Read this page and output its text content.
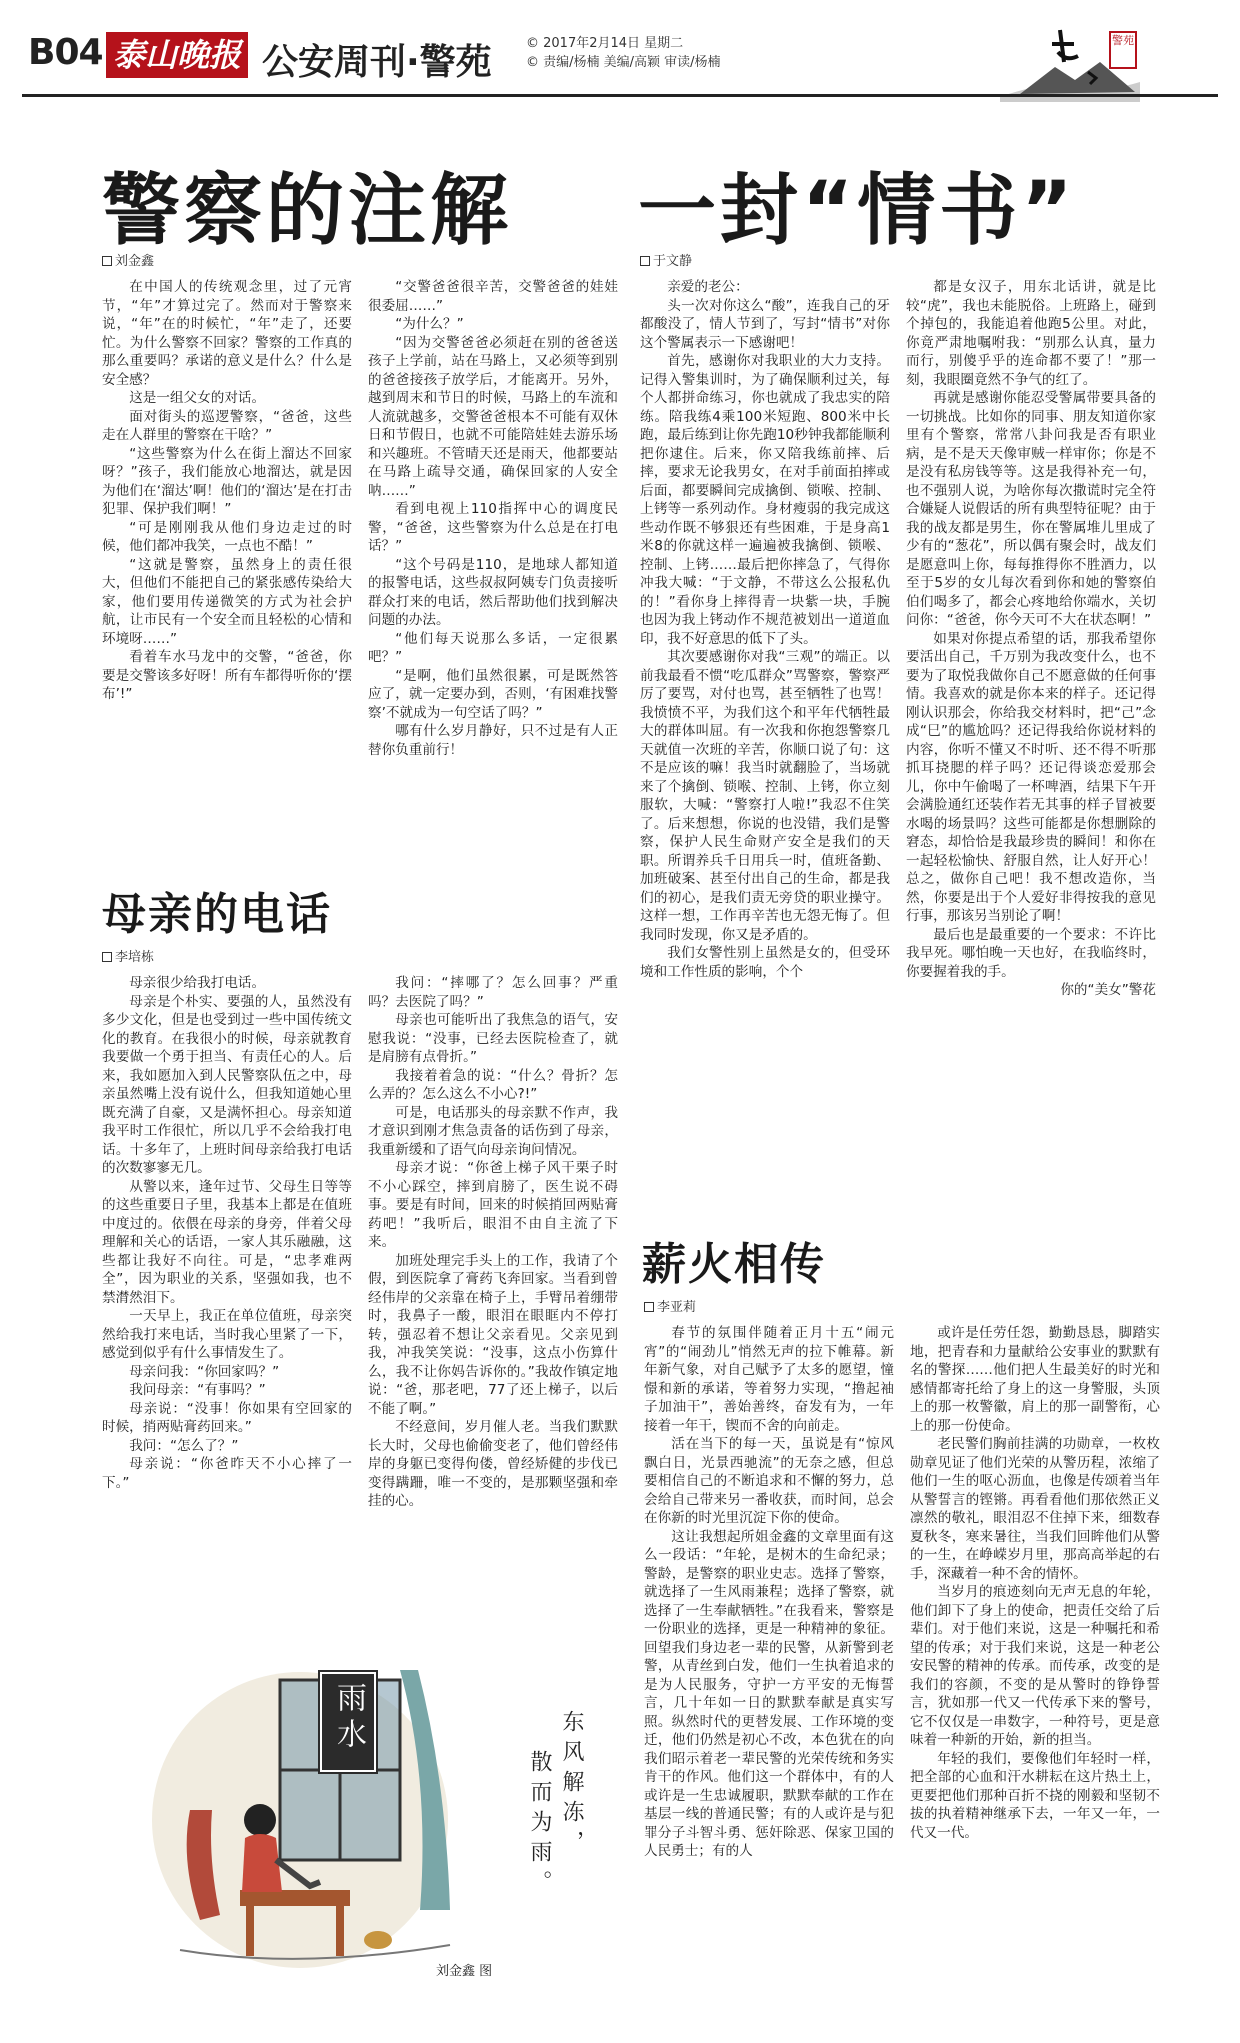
B04 泰山晚报 公安周刊·警苑	© 2017年2月14日 星期二
© 责编/杨楠 美编/高颖 审读/杨楠
警苑
警察的注解
刘金鑫

在中国人的传统观念里，过了元宵节，“年”才算过完了。然而对于警察来说，“年”在的时候忙，“年”走了，还要忙。为什么警察不回家？警察的工作真的那么重要吗？承诺的意义是什么？什么是安全感？

这是一组父女的对话。

面对街头的巡逻警察，“爸爸，这些走在人群里的警察在干啥？”

“这些警察为什么在街上溜达不回家呀？”孩子，我们能放心地溜达，就是因为他们在‘溜达’啊！他们的‘溜达’是在打击犯罪、保护我们啊！”

“可是刚刚我从他们身边走过的时候，他们都冲我笑，一点也不酷！”

“这就是警察，虽然身上的责任很大，但他们不能把自己的紧张感传染给大家，他们要用传递微笑的方式为社会护航，让市民有一个安全而且轻松的心情和环境呀……”

看着车水马龙中的交警，“爸爸，你要是交警该多好呀！所有车都得听你的‘摆布’!”

“交警爸爸很辛苦，交警爸爸的娃娃很委屈……”

“为什么？”

“因为交警爸爸必须赶在别的爸爸送孩子上学前，站在马路上，又必须等到别的爸爸接孩子放学后，才能离开。另外，越到周末和节日的时候，马路上的车流和人流就越多，交警爸爸根本不可能有双休日和节假日，也就不可能陪娃娃去游乐场和兴趣班。不管晴天还是雨天，他都要站在马路上疏导交通，确保回家的人安全呐……”

看到电视上110指挥中心的调度民警，“爸爸，这些警察为什么总是在打电话？”

“这个号码是110，是地球人都知道的报警电话，这些叔叔阿姨专门负责接听群众打来的电话，然后帮助他们找到解决问题的办法。

“他们每天说那么多话，一定很累吧？”

“是啊，他们虽然很累，可是既然答应了，就一定要办到，否则，‘有困难找警察’不就成为一句空话了吗？”

哪有什么岁月静好，只不过是有人正替你负重前行！

一封“情书”
于文静

亲爱的老公：

头一次对你这么“酸”，连我自己的牙都酸没了，情人节到了，写封“情书”对你这个警属表示一下感谢吧！

首先，感谢你对我职业的大力支持。记得入警集训时，为了确保顺利过关，每个人都拼命练习，你也就成了我忠实的陪练。陪我练4乘100米短跑、800米中长跑，最后练到让你先跑10秒钟我都能顺利把你逮住。后来，你又陪我练前摔、后摔，要求无论我男女，在对手前面拍摔或后面，都要瞬间完成擒倒、锁喉、控制、上铐等一系列动作。身材瘦弱的我完成这些动作既不够狠还有些困难，于是身高1米8的你就这样一遍遍被我擒倒、锁喉、控制、上铐……最后把你摔急了，气得你冲我大喊：“于文静，不带这么公报私仇的！”看你身上摔得青一块紫一块，手腕也因为我上铐动作不规范被划出一道道血印，我不好意思的低下了头。

其次要感谢你对我“三观”的端正。以前我最看不惯“吃瓜群众”骂警察，警察严厉了要骂，对付也骂，甚至牺牲了也骂！我愤愤不平，为我们这个和平年代牺牲最大的群体叫屈。有一次我和你抱怨警察几天就值一次班的辛苦，你顺口说了句：这不是应该的嘛！我当时就翻脸了，当场就来了个擒倒、锁喉、控制、上铐，你立刻服软，大喊：“警察打人啦!”我忍不住笑了。后来想想，你说的也没错，我们是警察，保护人民生命财产安全是我们的天职。所谓养兵千日用兵一时，值班备勤、加班破案、甚至付出自己的生命，都是我们的初心，是我们责无旁贷的职业操守。这样一想，工作再辛苦也无怨无悔了。但我同时发现，你又是矛盾的。

我们女警性别上虽然是女的，但受环境和工作性质的影响，个个

都是女汉子，用东北话讲，就是比较“虎”，我也未能脱俗。上班路上，碰到个掉包的，我能追着他跑5公里。对此，你竟严肃地嘱咐我：“别那么认真，量力而行，别傻乎乎的连命都不要了！”那一刻，我眼圈竟然不争气的红了。

再就是感谢你能忍受警属带要具备的一切挑战。比如你的同事、朋友知道你家里有个警察，常常八卦问我是否有职业病，是不是天天像审贼一样审你；你是不是没有私房钱等等。这是我得补充一句，也不强别人说，为啥你每次撒谎时完全符合嫌疑人说假话的所有典型特征呢？由于我的战友都是男生，你在警属堆儿里成了少有的“葱花”，所以偶有聚会时，战友们是愿意叫上你，每每推得你不胜酒力，以至于5岁的女儿每次看到你和她的警察伯伯们喝多了，都会心疼地给你端水，关切问你：“爸爸，你今天可不大在状态啊！”

如果对你提点希望的话，那我希望你要活出自己，千万别为我改变什么，也不要为了取悦我做你自己不愿意做的任何事情。我喜欢的就是你本来的样子。还记得刚认识那会，你给我交材料时，把“己”念成“巳”的尴尬吗？还记得我给你说材料的内容，你听不懂又不时听、还不得不听那抓耳挠腮的样子吗？还记得谈恋爱那会儿，你中午偷喝了一杯啤酒，结果下午开会满脸通红还装作若无其事的样子冒被要水喝的场景吗？这些可能都是你想删除的窘态，却恰恰是我最珍贵的瞬间！和你在一起轻松愉快、舒服自然，让人好开心！总之，做你自己吧！我不想改造你，当然，你要是出于个人爱好非得按我的意见行事，那该另当别论了啊！

最后也是最重要的一个要求：不许比我早死。哪怕晚一天也好，在我临终时，你要握着我的手。

你的“美女”警花

母亲的电话
李培栋

母亲很少给我打电话。

母亲是个朴实、要强的人，虽然没有多少文化，但是也受到过一些中国传统文化的教育。在我很小的时候，母亲就教育我要做一个勇于担当、有责任心的人。后来，我如愿加入到人民警察队伍之中，母亲虽然嘴上没有说什么，但我知道她心里既充满了自豪，又是满怀担心。母亲知道我平时工作很忙，所以几乎不会给我打电话。十多年了，上班时间母亲给我打电话的次数寥寥无几。

从警以来，逢年过节、父母生日等等的这些重要日子里，我基本上都是在值班中度过的。依偎在母亲的身旁，伴着父母理解和关心的话语，一家人其乐融融，这些都让我好不向往。可是，“忠孝难两全”，因为职业的关系，坚强如我，也不禁潸然泪下。

一天早上，我正在单位值班，母亲突然给我打来电话，当时我心里紧了一下，感觉到似乎有什么事情发生了。

母亲问我：“你回家吗？”

我问母亲：“有事吗？”

母亲说：“没事！你如果有空回家的时候，捎两贴膏药回来。”

我问：“怎么了？”

母亲说：“你爸昨天不小心摔了一下。”

我问：“摔哪了？怎么回事？严重吗？去医院了吗？”

母亲也可能听出了我焦急的语气，安慰我说：“没事，已经去医院检查了，就是肩膀有点骨折。”

我接着着急的说：“什么？骨折？怎么弄的？怎么这么不小心?!”

可是，电话那头的母亲默不作声，我才意识到刚才焦急责备的话伤到了母亲，我重新缓和了语气向母亲询问情况。

母亲才说：“你爸上梯子风干栗子时不小心踩空，摔到肩膀了，医生说不碍事。要是有时间，回来的时候捎回两贴膏药吧！”我听后，眼泪不由自主流了下来。

加班处理完手头上的工作，我请了个假，到医院拿了膏药飞奔回家。当看到曾经伟岸的父亲靠在椅子上，手臂吊着绷带时，我鼻子一酸，眼泪在眼眶内不停打转，强忍着不想让父亲看见。父亲见到我，冲我笑笑说：“没事，这点小伤算什么，我不让你妈告诉你的。”我故作镇定地说：“爸，那老吧，77了还上梯子，以后不能了啊。”

不经意间，岁月催人老。当我们默默长大时，父母也偷偷变老了，他们曾经伟岸的身躯已变得佝偻，曾经矫健的步伐已变得蹒跚，唯一不变的，是那颗坚强和牵挂的心。

薪火相传
李亚莉

春节的氛围伴随着正月十五“闹元宵”的“闹劲儿”悄然无声的拉下帷幕。新年新气象，对自己赋予了太多的愿望，憧憬和新的承诺，等着努力实现，“撸起袖子加油干”，善始善终，奋发有为，一年接着一年干，锲而不舍的向前走。

活在当下的每一天，虽说是有“惊风飘白日，光景西驰流”的无奈之感，但总要相信自己的不断追求和不懈的努力，总会给自己带来另一番收获，而时间，总会在你新的时光里沉淀下你的使命。

这让我想起所姐金鑫的文章里面有这么一段话：“年轮，是树木的生命纪录；警龄，是警察的职业史志。选择了警察，就选择了一生风雨兼程；选择了警察，就选择了一生奉献牺牲。”在我看来，警察是一份职业的选择，更是一种精神的象征。回望我们身边老一辈的民警，从新警到老警，从青丝到白发，他们一生执着追求的是为人民服务，守护一方平安的无悔誓言，几十年如一日的默默奉献是真实写照。纵然时代的更替发展、工作环境的变迁，他们仍然是初心不改，本色犹在的向我们昭示着老一辈民警的光荣传统和务实肯干的作风。他们这一个群体中，有的人或许是一生忠诚履职，默默奉献的工作在基层一线的普通民警；有的人或许是与犯罪分子斗智斗勇、惩奸除恶、保家卫国的人民勇士；有的人

或许是任劳任怨，勤勤恳恳，脚踏实地，把青春和力量献给公安事业的默默有名的警探……他们把人生最美好的时光和感情都寄托给了身上的这一身警服，头顶上的那一枚警徽，肩上的那一副警衔，心上的那一份使命。

老民警们胸前挂满的功勋章，一枚枚勋章见证了他们光荣的从警历程，浓缩了他们一生的呕心沥血，也像是传颂着当年从警誓言的铿锵。再看看他们那依然正义凛然的敬礼，眼泪忍不住掉下来，细数春夏秋冬，寒来暑往，当我们回眸他们从警的一生，在峥嵘岁月里，那高高举起的右手，深藏着一种不舍的情怀。

当岁月的痕迹刻向无声无息的年轮，他们卸下了身上的使命，把责任交给了后辈们。对于他们来说，这是一种嘱托和希望的传承；对于我们来说，这是一种老公安民警的精神的传承。而传承，改变的是我们的容颜，不变的是从警时的铮铮誓言，犹如那一代又一代传承下来的警号，它不仅仅是一串数字，一种符号，更是意味着一种新的开始，新的担当。

年轻的我们，要像他们年轻时一样，把全部的心血和汗水耕耘在这片热土上，更要把他们那种百折不挠的刚毅和坚韧不拔的执着精神继承下去，一年又一年，一代又一代。

雨水	东风解冻，
散而为雨。
刘金鑫 图
